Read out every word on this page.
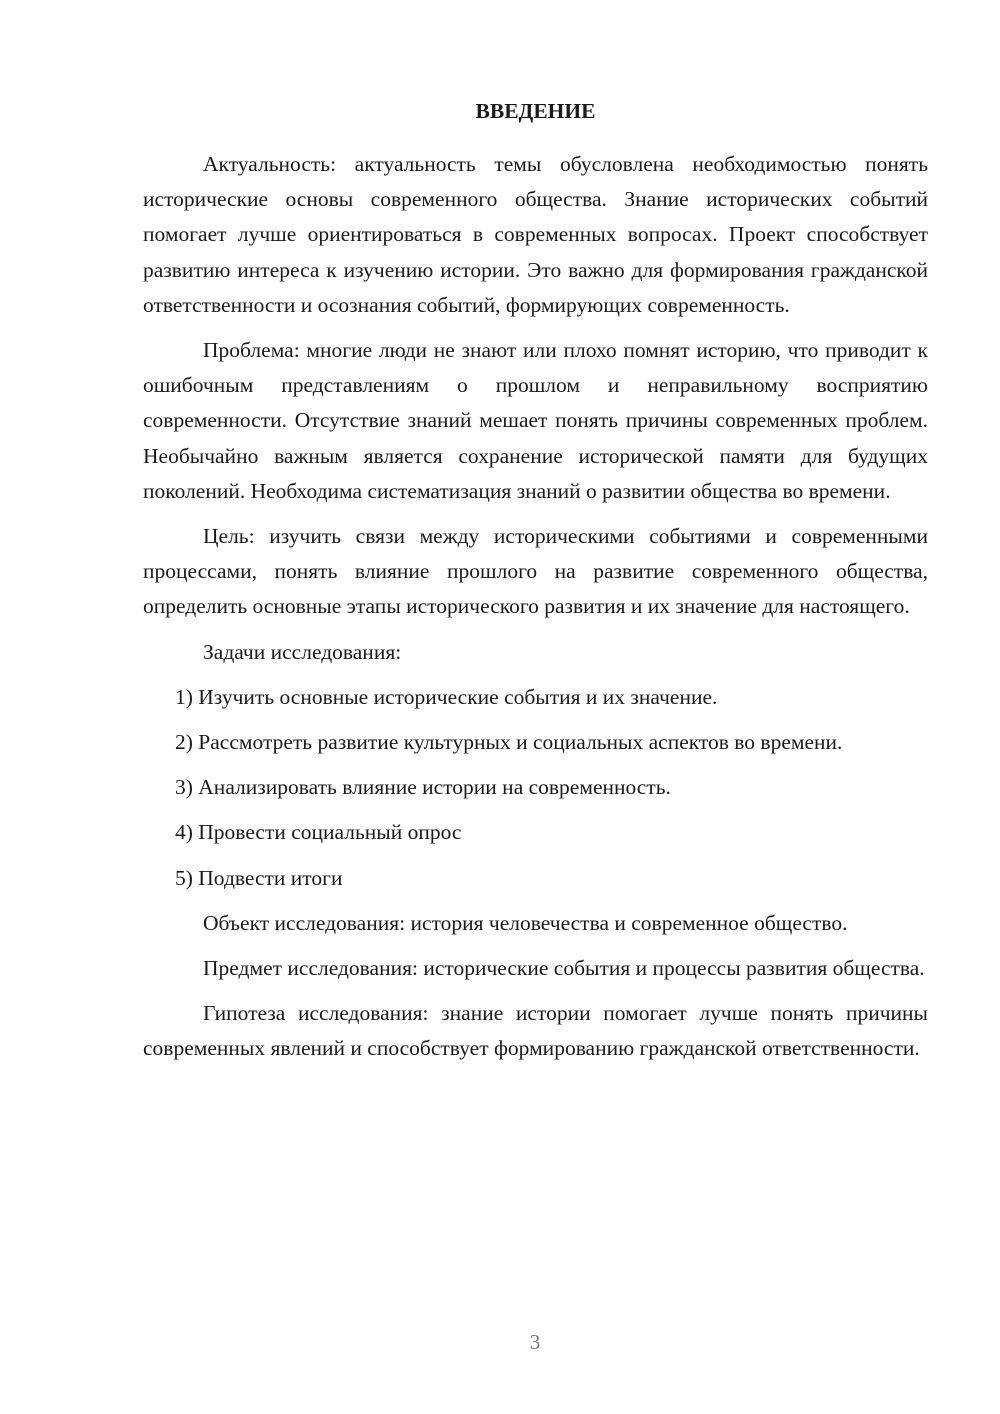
ВВЕДЕНИЕ

Актуальность: актуальность темы обусловлена необходимостью понять исторические основы современного общества. Знание исторических событий помогает лучше ориентироваться в современных вопросах. Проект способствует развитию интереса к изучению истории. Это важно для формирования гражданской ответственности и осознания событий, формирующих современность.

Проблема: многие люди не знают или плохо помнят историю, что приводит к ошибочным представлениям о прошлом и неправильному восприятию современности. Отсутствие знаний мешает понять причины современных проблем. Необычайно важным является сохранение исторической памяти для будущих поколений. Необходима систематизация знаний о развитии общества во времени.

Цель: изучить связи между историческими событиями и современными процессами, понять влияние прошлого на развитие современного общества, определить основные этапы исторического развития и их значение для настоящего.

Задачи исследования:

1) Изучить основные исторические события и их значение.

2) Рассмотреть развитие культурных и социальных аспектов во времени.

3) Анализировать влияние истории на современность.

4) Провести социальный опрос

5) Подвести итоги

Объект исследования: история человечества и современное общество.

Предмет исследования: исторические события и процессы развития общества.

Гипотеза исследования: знание истории помогает лучше понять причины современных явлений и способствует формированию гражданской ответственности.

3
